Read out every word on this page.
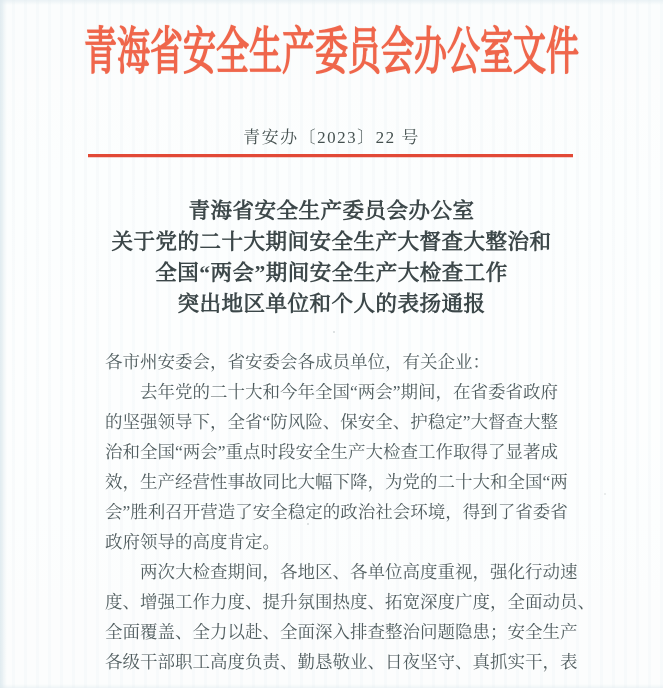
青海省安全生产委员会办公室文件
青安办〔2023〕22 号
青海省安全生产委员会办公室
关于党的二十大期间安全生产大督查大整治和
全国“两会”期间安全生产大检查工作
突出地区单位和个人的表扬通报
各市州安委会，省安委会各成员单位，有关企业：
去年党的二十大和今年全国“两会”期间，在省委省政府
的坚强领导下，全省“防风险、保安全、护稳定”大督查大整
治和全国“两会”重点时段安全生产大检查工作取得了显著成
效，生产经营性事故同比大幅下降，为党的二十大和全国“两
会”胜利召开营造了安全稳定的政治社会环境，得到了省委省
政府领导的高度肯定。
两次大检查期间，各地区、各单位高度重视，强化行动速
度、增强工作力度、提升氛围热度、拓宽深度广度，全面动员、
全面覆盖、全力以赴、全面深入排查整治问题隐患；安全生产
各级干部职工高度负责、勤恳敬业、日夜坚守、真抓实干，表
